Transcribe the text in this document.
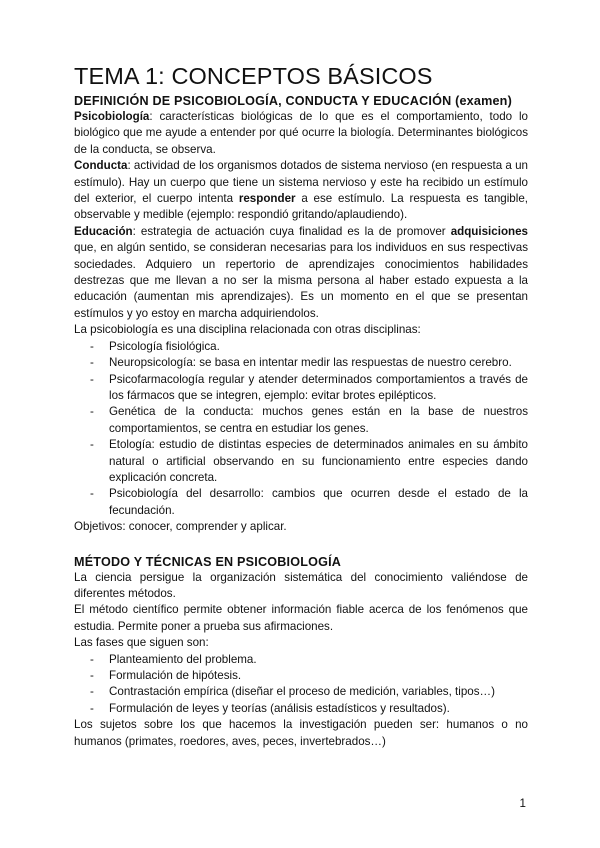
TEMA 1: CONCEPTOS BÁSICOS
DEFINICIÓN DE PSICOBIOLOGÍA, CONDUCTA Y EDUCACIÓN (examen)

Psicobiología: características biológicas de lo que es el comportamiento, todo lo biológico que me ayude a entender por qué ocurre la biología. Determinantes biológicos de la conducta, se observa.

Conducta: actividad de los organismos dotados de sistema nervioso (en respuesta a un estímulo). Hay un cuerpo que tiene un sistema nervioso y este ha recibido un estímulo del exterior, el cuerpo intenta responder a ese estímulo. La respuesta es tangible, observable y medible (ejemplo: respondió gritando/aplaudiendo).

Educación: estrategia de actuación cuya finalidad es la de promover adquisiciones que, en algún sentido, se consideran necesarias para los individuos en sus respectivas sociedades. Adquiero un repertorio de aprendizajes conocimientos habilidades destrezas que me llevan a no ser la misma persona al haber estado expuesta a la educación (aumentan mis aprendizajes). Es un momento en el que se presentan estímulos y yo estoy en marcha adquiriendolos.

La psicobiología es una disciplina relacionada con otras disciplinas:

- Psicología fisiológica.
- Neuropsicología: se basa en intentar medir las respuestas de nuestro cerebro.
- Psicofarmacología regular y atender determinados comportamientos a través de los fármacos que se integren, ejemplo: evitar brotes epilépticos.
- Genética de la conducta: muchos genes están en la base de nuestros comportamientos, se centra en estudiar los genes.
- Etología: estudio de distintas especies de determinados animales en su ámbito natural o artificial observando en su funcionamiento entre especies dando explicación concreta.
- Psicobiología del desarrollo: cambios que ocurren desde el estado de la fecundación.

Objetivos: conocer, comprender y aplicar.

MÉTODO Y TÉCNICAS EN PSICOBIOLOGÍA

La ciencia persigue la organización sistemática del conocimiento valiéndose de diferentes métodos.

El método científico permite obtener información fiable acerca de los fenómenos que estudia. Permite poner a prueba sus afirmaciones.

Las fases que siguen son:

- Planteamiento del problema.
- Formulación de hipótesis.
- Contrastación empírica (diseñar el proceso de medición, variables, tipos…)
- Formulación de leyes y teorías (análisis estadísticos y resultados).

Los sujetos sobre los que hacemos la investigación pueden ser: humanos o no humanos (primates, roedores, aves, peces, invertebrados…)

1
